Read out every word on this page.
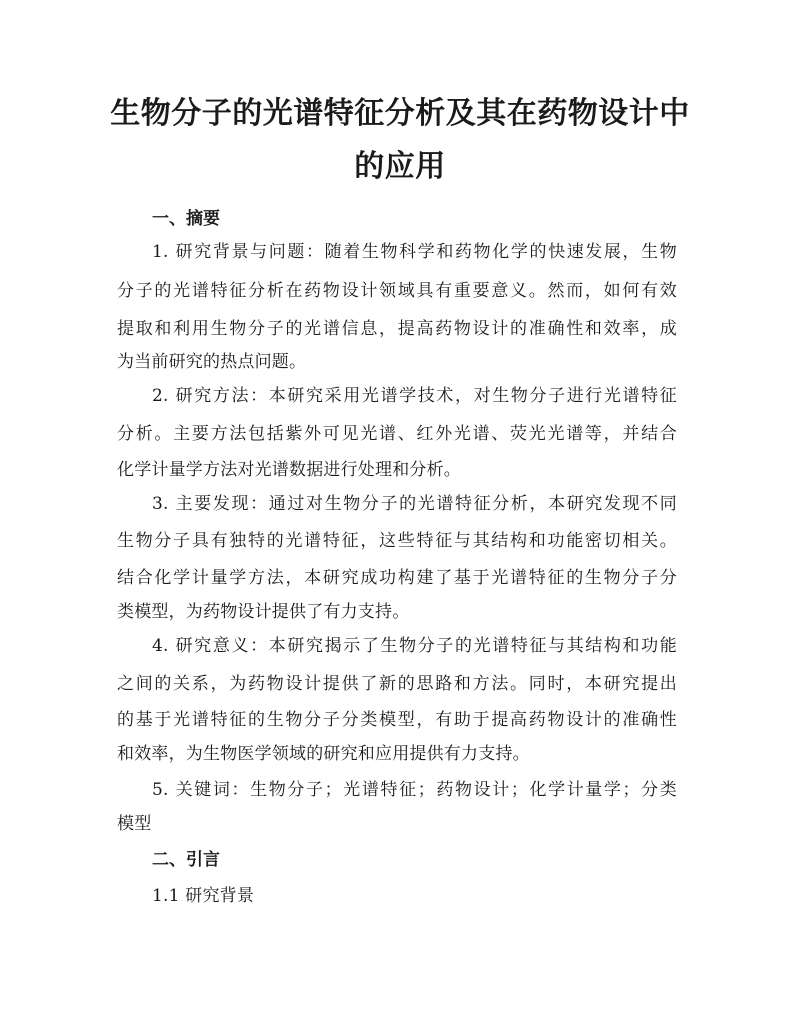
生物分子的光谱特征分析及其在药物设计中
的应用
一、摘要
1. 研究背景与问题：随着生物科学和药物化学的快速发展，生物
分子的光谱特征分析在药物设计领域具有重要意义。然而，如何有效
提取和利用生物分子的光谱信息，提高药物设计的准确性和效率，成
为当前研究的热点问题。
2. 研究方法：本研究采用光谱学技术，对生物分子进行光谱特征
分析。主要方法包括紫外可见光谱、红外光谱、荧光光谱等，并结合
化学计量学方法对光谱数据进行处理和分析。
3. 主要发现：通过对生物分子的光谱特征分析，本研究发现不同
生物分子具有独特的光谱特征，这些特征与其结构和功能密切相关。
结合化学计量学方法，本研究成功构建了基于光谱特征的生物分子分
类模型，为药物设计提供了有力支持。
4. 研究意义：本研究揭示了生物分子的光谱特征与其结构和功能
之间的关系，为药物设计提供了新的思路和方法。同时，本研究提出
的基于光谱特征的生物分子分类模型，有助于提高药物设计的准确性
和效率，为生物医学领域的研究和应用提供有力支持。
5. 关键词：生物分子；光谱特征；药物设计；化学计量学；分类
模型
二、引言
1.1 研究背景
